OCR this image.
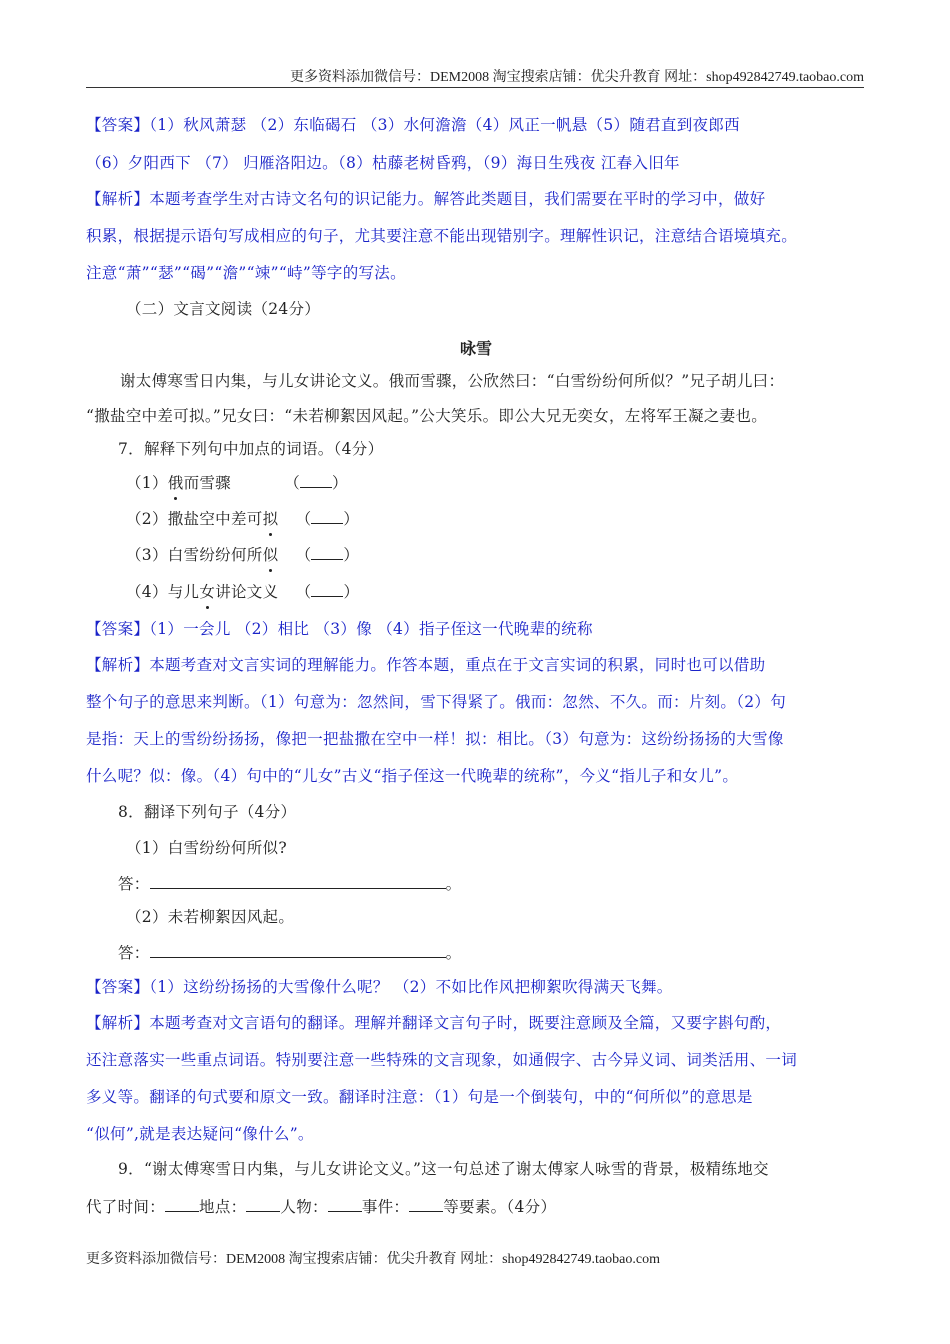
更多资料添加微信号：DEM2008 淘宝搜索店铺：优尖升教育 网址：shop492842749.taobao.com
【答案】（1）秋风萧瑟 （2）东临碣石 （3）水何澹澹（4）风正一帆悬（5）随君直到夜郎西
（6）夕阳西下 （7） 归雁洛阳边。（8）枯藤老树昏鸦，（9）海日生残夜 江春入旧年
【解析】本题考查学生对古诗文名句的识记能力。解答此类题目，我们需要在平时的学习中，做好
积累，根据提示语句写成相应的句子，尤其要注意不能出现错别字。理解性识记，注意结合语境填充。
注意“萧”“瑟”“碣”“澹”“竦”“峙”等字的写法。
（二）文言文阅读（24分）
咏雪
谢太傅寒雪日内集，与儿女讲论文义。俄而雪骤，公欣然曰：“白雪纷纷何所似？”兄子胡儿曰：
“撒盐空中差可拟。”兄女曰：“未若柳絮因风起。”公大笑乐。即公大兄无奕女，左将军王凝之妻也。
7．解释下列句中加点的词语。（4分）
（1）俄而雪骤	（ ）
（2）撒盐空中差可拟 （ ）
（3）白雪纷纷何所似 （ ）
（4）与儿女讲论文义 （ ）
【答案】（1）一会儿 （2）相比 （3）像 （4）指子侄这一代晚辈的统称
【解析】本题考查对文言实词的理解能力。作答本题，重点在于文言实词的积累，同时也可以借助
整个句子的意思来判断。（1）句意为：忽然间，雪下得紧了。俄而：忽然、不久。而：片刻。（2）句
是指：天上的雪纷纷扬扬，像把一把盐撒在空中一样！拟：相比。（3）句意为：这纷纷扬扬的大雪像
什么呢？似：像。（4）句中的“儿女”古义“指子侄这一代晚辈的统称”，今义“指儿子和女儿”。
8．翻译下列句子（4分）
（1）白雪纷纷何所似?
答：	。
（2）未若柳絮因风起。
答：	。
【答案】（1）这纷纷扬扬的大雪像什么呢？ （2）不如比作风把柳絮吹得满天飞舞。
【解析】本题考查对文言语句的翻译。理解并翻译文言句子时，既要注意顾及全篇，又要字斟句酌，
还注意落实一些重点词语。特别要注意一些特殊的文言现象，如通假字、古今异义词、词类活用、一词
多义等。翻译的句式要和原文一致。翻译时注意：（1）句是一个倒装句，中的“何所似”的意思是
“似何”,就是表达疑问“像什么”。
9．“谢太傅寒雪日内集，与儿女讲论文义。”这一句总述了谢太傅家人咏雪的背景，极精练地交
代了时间： 地点： 人物： 事件： 等要素。（4分）
更多资料添加微信号：DEM2008 淘宝搜索店铺：优尖升教育 网址：shop492842749.taobao.com
